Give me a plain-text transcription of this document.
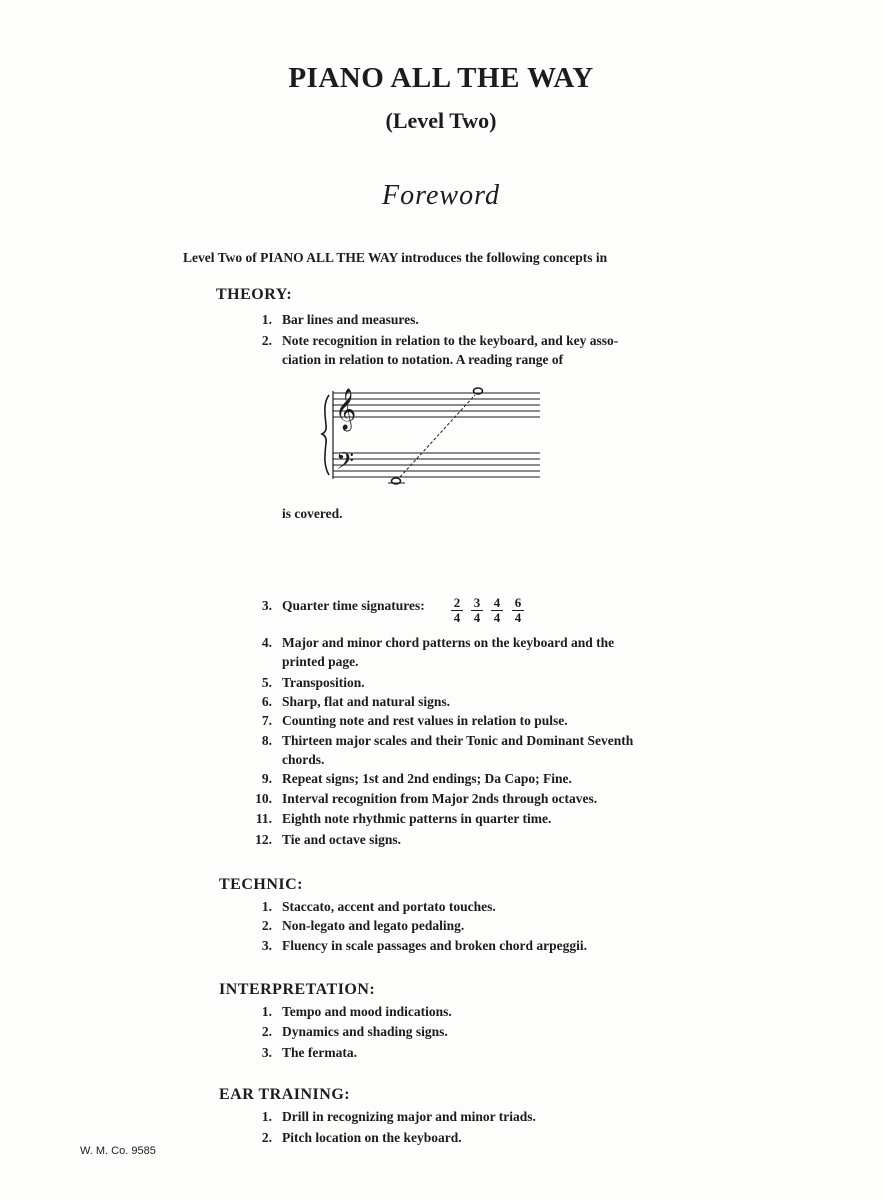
PIANO ALL THE WAY
(Level Two)
Foreword
Level Two of PIANO ALL THE WAY introduces the following concepts in
THEORY:
1. Bar lines and measures.
2. Note recognition in relation to the keyboard, and key asso-
ciation in relation to notation. A reading range of
𝄞
𝄢
is covered.
3. Quarter time signatures: $\frac{2}{4} \frac{3}{4} \frac{4}{4} \frac{6}{4}$
4. Major and minor chord patterns on the keyboard and the
printed page.
5. Transposition.
6. Sharp, flat and natural signs.
7. Counting note and rest values in relation to pulse.
8. Thirteen major scales and their Tonic and Dominant Seventh
chords.
9. Repeat signs; 1st and 2nd endings; Da Capo; Fine.
10. Interval recognition from Major 2nds through octaves.
11. Eighth note rhythmic patterns in quarter time.
12. Tie and octave signs.
TECHNIC:
1. Staccato, accent and portato touches.
2. Non-legato and legato pedaling.
3. Fluency in scale passages and broken chord arpeggii.
INTERPRETATION:
1. Tempo and mood indications.
2. Dynamics and shading signs.
3. The fermata.
EAR TRAINING:
1. Drill in recognizing major and minor triads.
2. Pitch location on the keyboard.
W. M. Co. 9585
